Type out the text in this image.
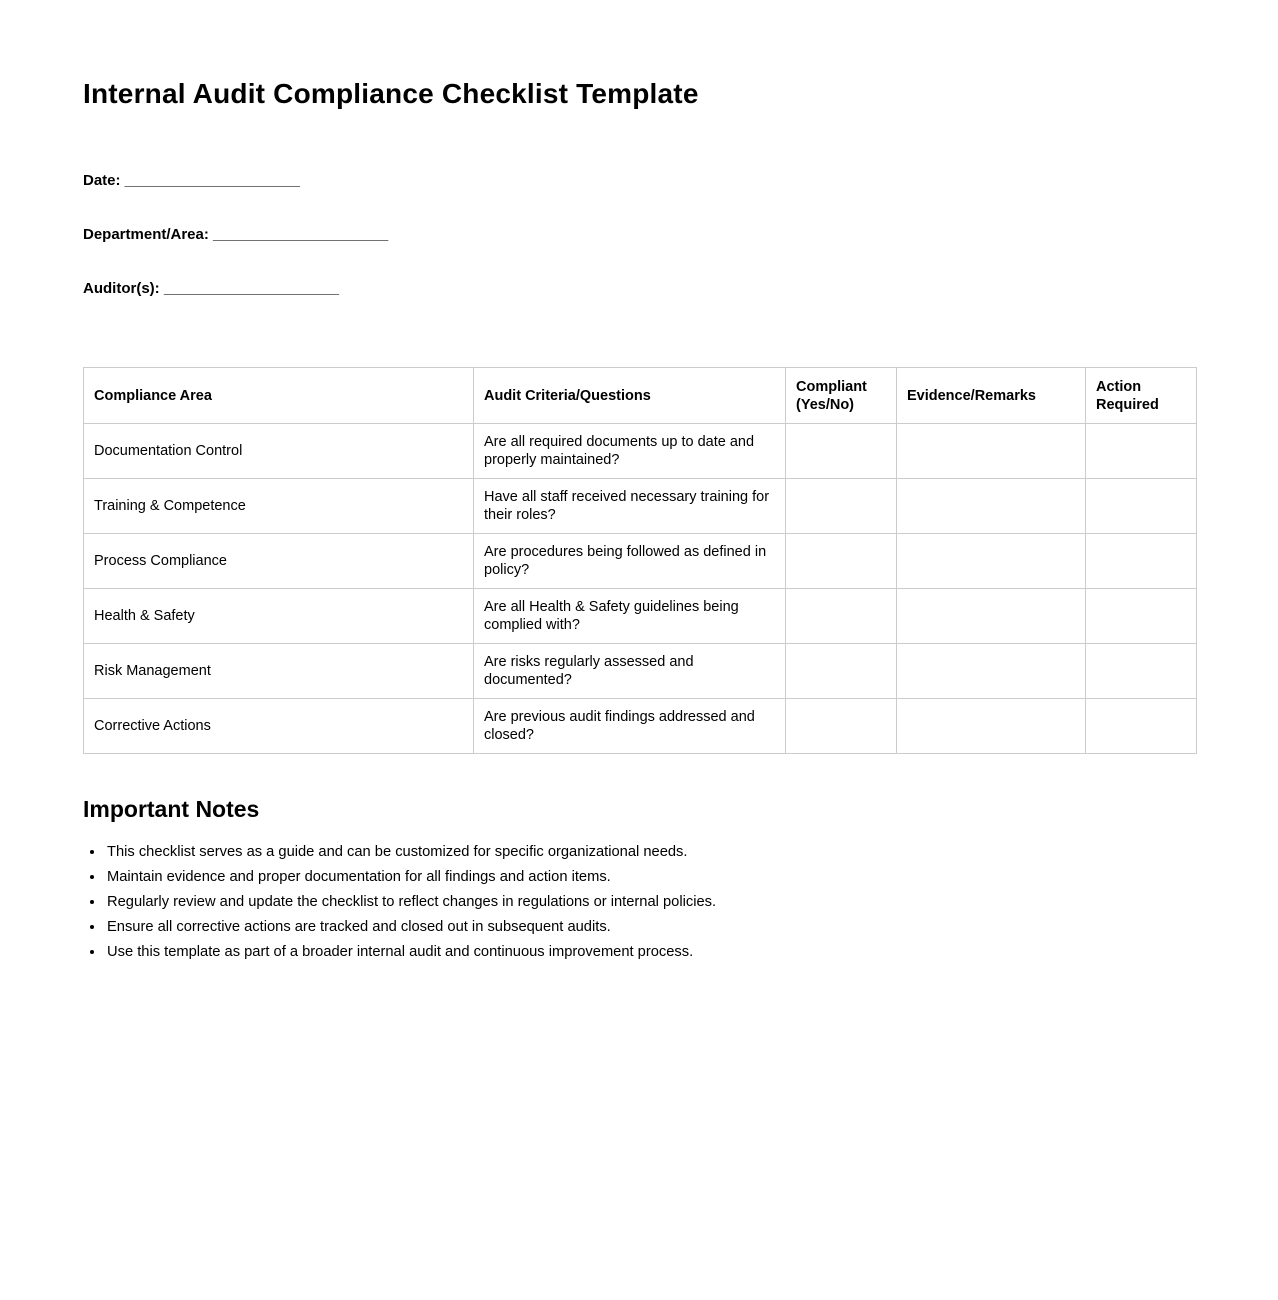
Internal Audit Compliance Checklist Template

Date: _____________________

Department/Area: _____________________

Auditor(s): _____________________

Compliance Area	Audit Criteria/Questions	Compliant (Yes/No)	Evidence/Remarks	Action Required
Documentation Control	Are all required documents up to date and properly maintained?			
Training & Competence	Have all staff received necessary training for their roles?			
Process Compliance	Are procedures being followed as defined in policy?			
Health & Safety	Are all Health & Safety guidelines being complied with?			
Risk Management	Are risks regularly assessed and documented?			
Corrective Actions	Are previous audit findings addressed and closed?			
Important Notes
• This checklist serves as a guide and can be customized for specific organizational needs.
• Maintain evidence and proper documentation for all findings and action items.
• Regularly review and update the checklist to reflect changes in regulations or internal policies.
• Ensure all corrective actions are tracked and closed out in subsequent audits.
• Use this template as part of a broader internal audit and continuous improvement process.
